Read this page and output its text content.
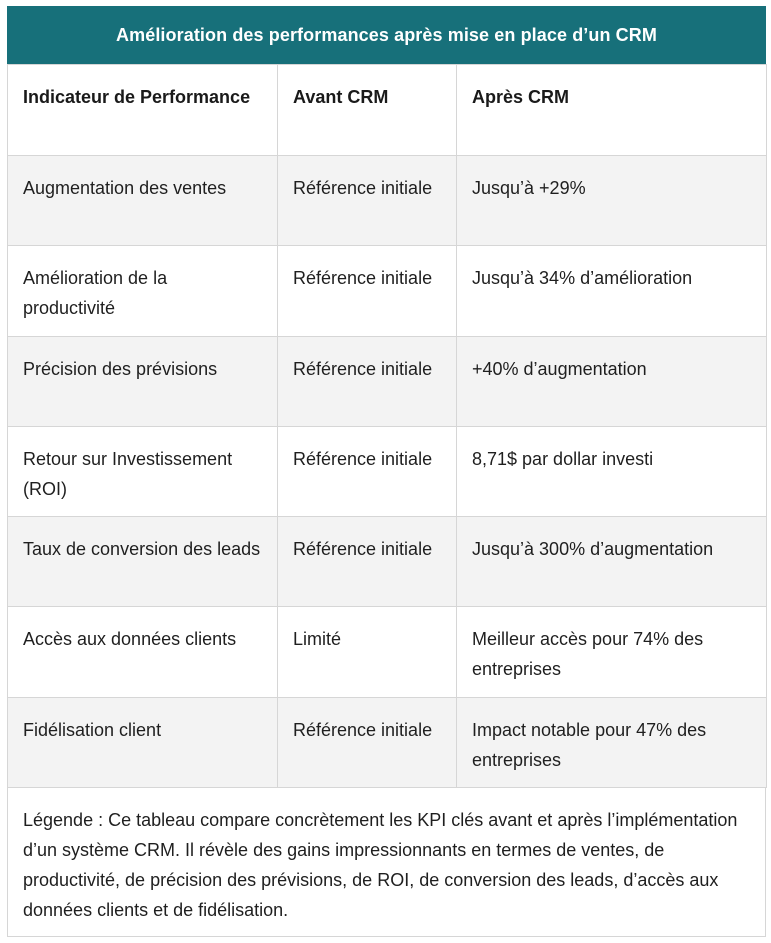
Amélioration des performances après mise en place d’un CRM
Indicateur de Performance	Avant CRM	Après CRM
Augmentation des ventes	Référence initiale	Jusqu’à +29%
Amélioration de la productivité	Référence initiale	Jusqu’à 34% d’amélioration
Précision des prévisions	Référence initiale	+40% d’augmentation
Retour sur Investissement (ROI)	Référence initiale	8,71$ par dollar investi
Taux de conversion des leads	Référence initiale	Jusqu’à 300% d’augmentation
Accès aux données clients	Limité	Meilleur accès pour 74% des entreprises
Fidélisation client	Référence initiale	Impact notable pour 47% des entreprises
Légende : Ce tableau compare concrètement les KPI clés avant et après l’implémentation d’un système CRM. Il révèle des gains impressionnants en termes de ventes, de productivité, de précision des prévisions, de ROI, de conversion des leads, d’accès aux données clients et de fidélisation.
